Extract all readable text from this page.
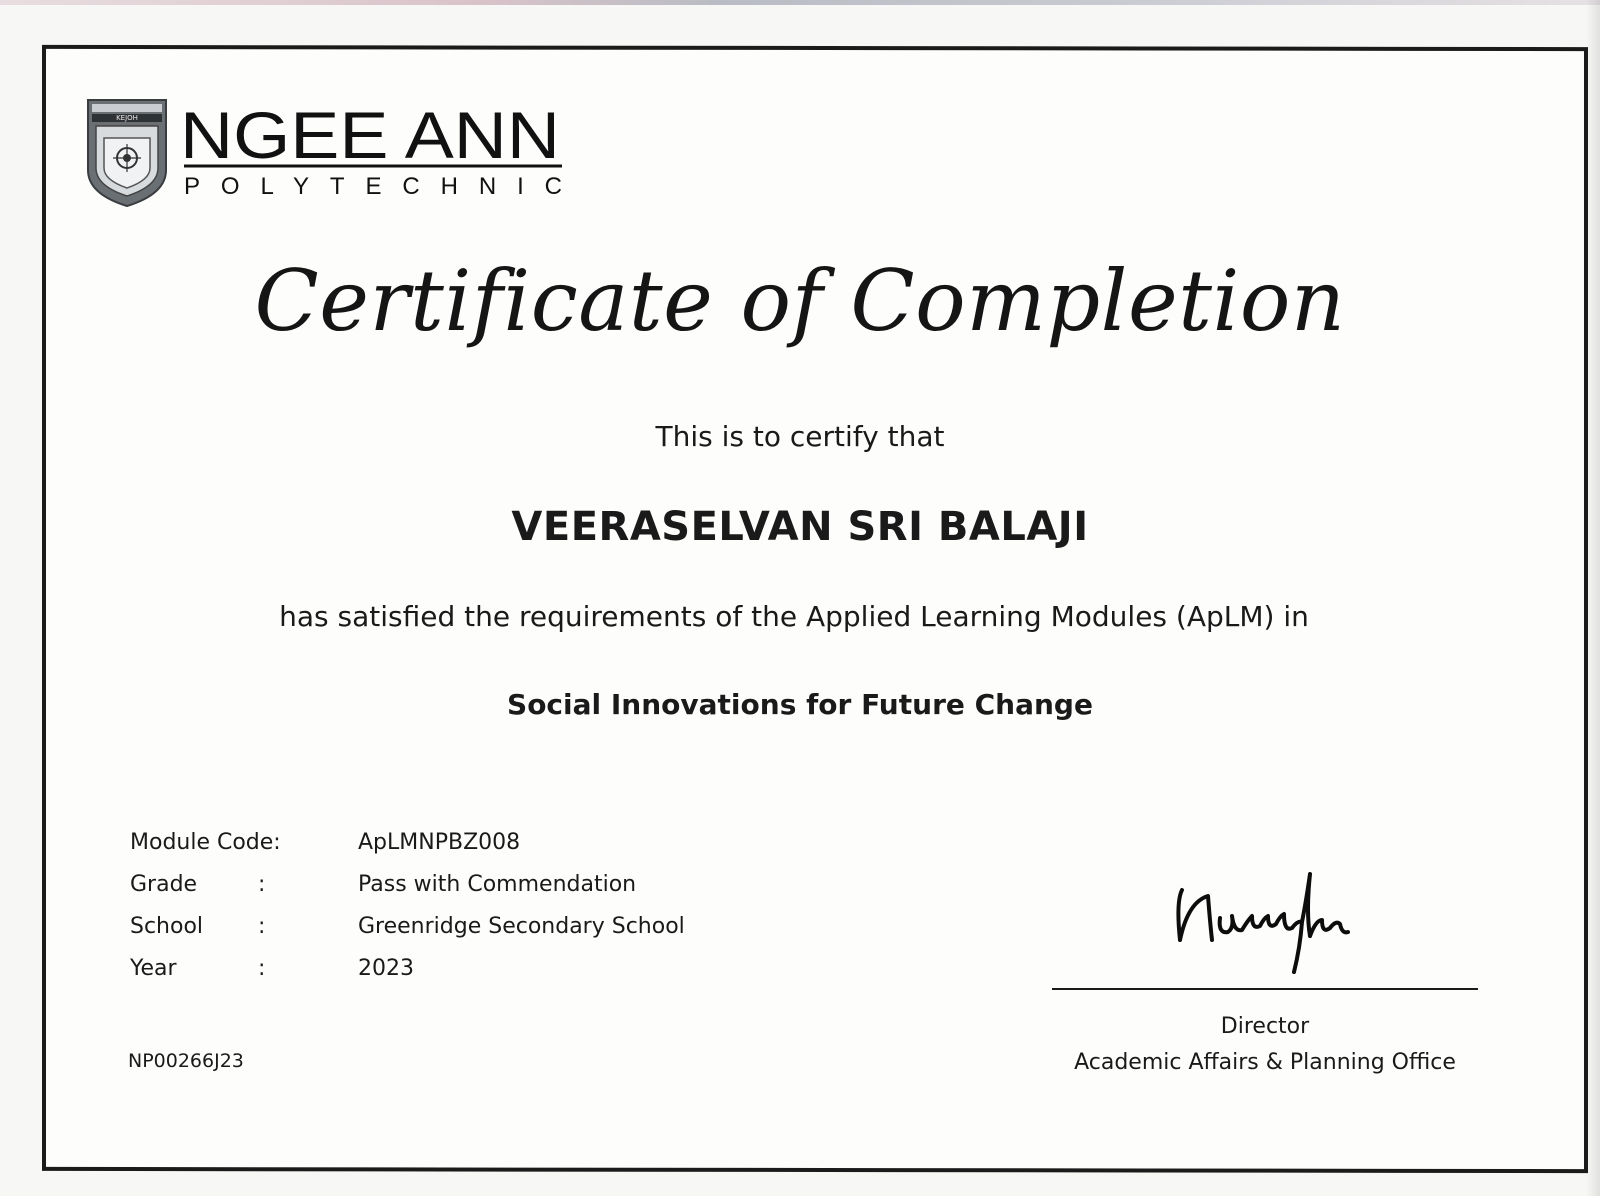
KEJOH NGEE ANN
POLYTECHNIC
Certificate of Completion
This is to certify that
VEERASELVAN SRI BALAJI
has satisfied the requirements of the Applied Learning Modules (ApLM) in
Social Innovations for Future Change
Module Code:	ApLMNPBZ008
Grade	:	Pass with Commendation
School :	Greenridge Secondary School
Year	:	2023
NP00266J23
Director
Academic Affairs & Planning Office
